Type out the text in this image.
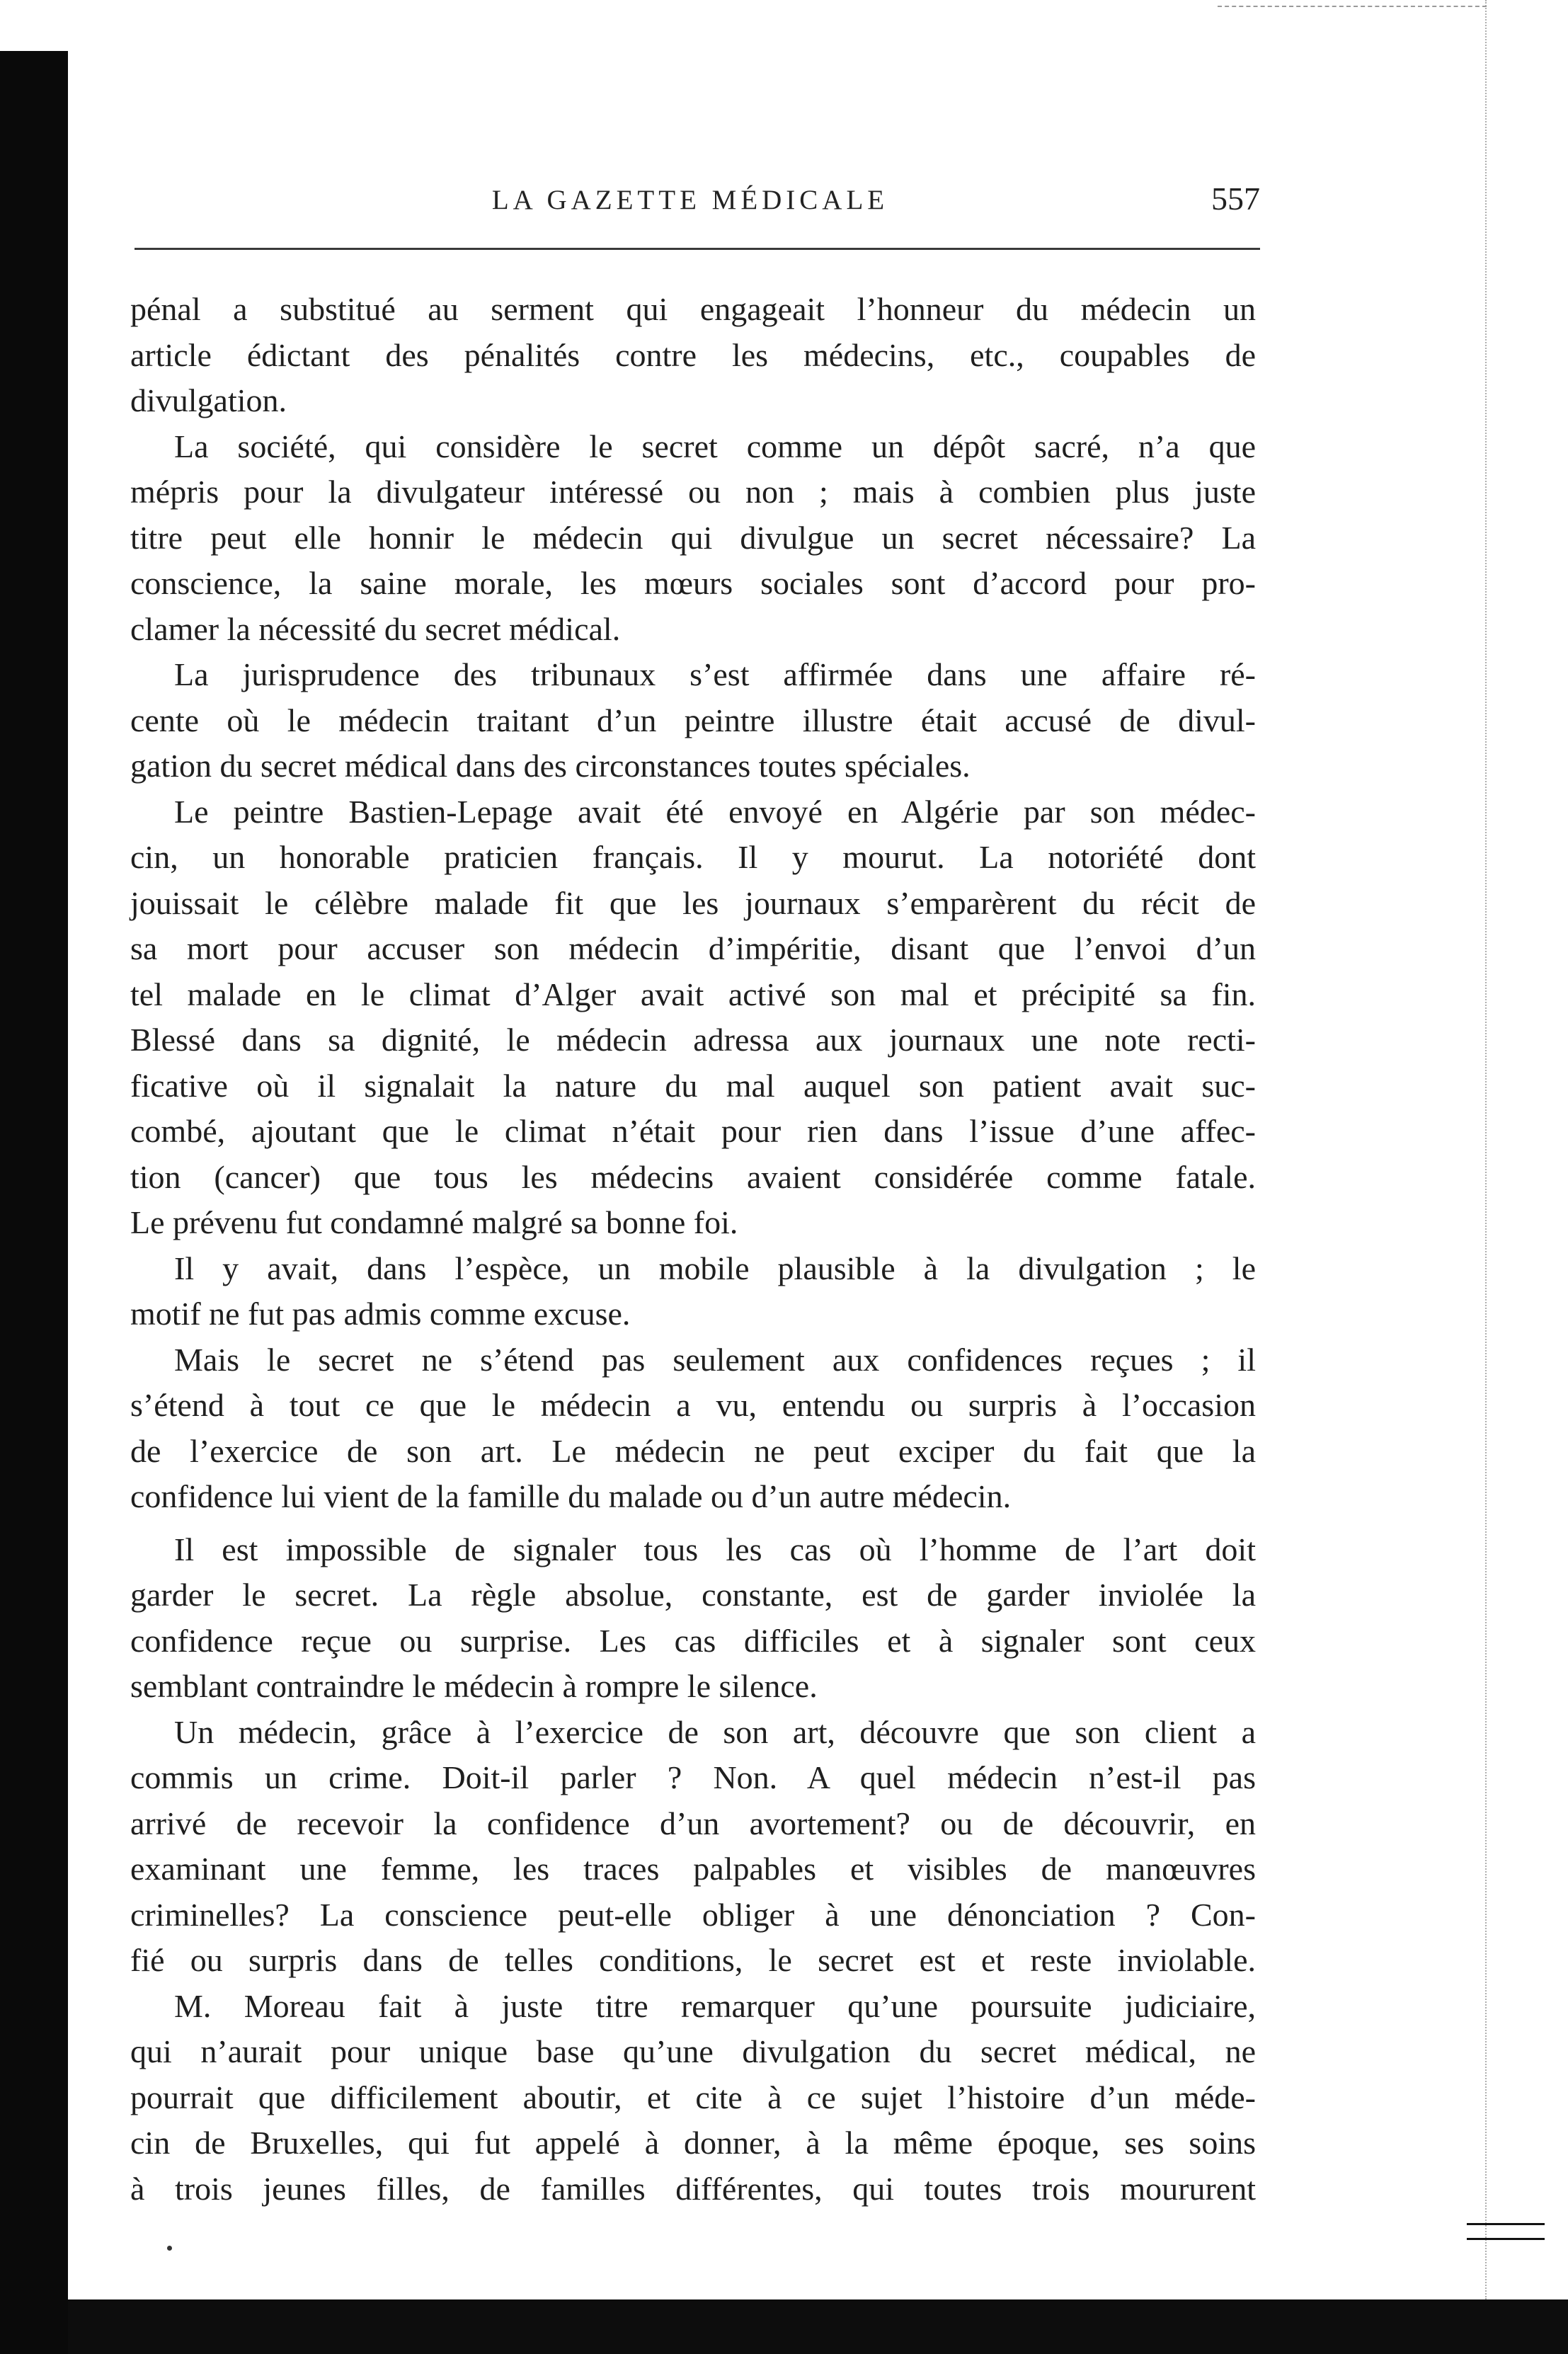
LA GAZETTE MÉDICALE	557
pénal a substitué au serment qui engageait l’honneur du médecin un
article édictant des pénalités contre les médecins, etc., coupables de
divulgation.
La société, qui considère le secret comme un dépôt sacré, n’a que
mépris pour la divulgateur intéressé ou non ; mais à combien plus juste
titre peut elle honnir le médecin qui divulgue un secret nécessaire? La
conscience, la saine morale, les mœurs sociales sont d’accord pour pro-
clamer la nécessité du secret médical.
La jurisprudence des tribunaux s’est affirmée dans une affaire ré-
cente où le médecin traitant d’un peintre illustre était accusé de divul-
gation du secret médical dans des circonstances toutes spéciales.
Le peintre Bastien-Lepage avait été envoyé en Algérie par son médec-
cin, un honorable praticien français. Il y mourut. La notoriété dont
jouissait le célèbre malade fit que les journaux s’emparèrent du récit de
sa mort pour accuser son médecin d’impéritie, disant que l’envoi d’un
tel malade en le climat d’Alger avait activé son mal et précipité sa fin.
Blessé dans sa dignité, le médecin adressa aux journaux une note recti-
ficative où il signalait la nature du mal auquel son patient avait suc-
combé, ajoutant que le climat n’était pour rien dans l’issue d’une affec-
tion (cancer) que tous les médecins avaient considérée comme fatale.
Le prévenu fut condamné malgré sa bonne foi.
Il y avait, dans l’espèce, un mobile plausible à la divulgation ; le
motif ne fut pas admis comme excuse.
Mais le secret ne s’étend pas seulement aux confidences reçues ; il
s’étend à tout ce que le médecin a vu, entendu ou surpris à l’occasion
de l’exercice de son art. Le médecin ne peut exciper du fait que la
confidence lui vient de la famille du malade ou d’un autre médecin.
Il est impossible de signaler tous les cas où l’homme de l’art doit
garder le secret. La règle absolue, constante, est de garder inviolée la
confidence reçue ou surprise. Les cas difficiles et à signaler sont ceux
semblant contraindre le médecin à rompre le silence.
Un médecin, grâce à l’exercice de son art, découvre que son client a
commis un crime. Doit-il parler ? Non. A quel médecin n’est-il pas
arrivé de recevoir la confidence d’un avortement? ou de découvrir, en
examinant une femme, les traces palpables et visibles de manœuvres
criminelles? La conscience peut-elle obliger à une dénonciation ? Con-
fié ou surpris dans de telles conditions, le secret est et reste inviolable.
M. Moreau fait à juste titre remarquer qu’une poursuite judiciaire,
qui n’aurait pour unique base qu’une divulgation du secret médical, ne
pourrait que difficilement aboutir, et cite à ce sujet l’histoire d’un méde-
cin de Bruxelles, qui fut appelé à donner, à la même époque, ses soins
à trois jeunes filles, de familles différentes, qui toutes trois moururent
